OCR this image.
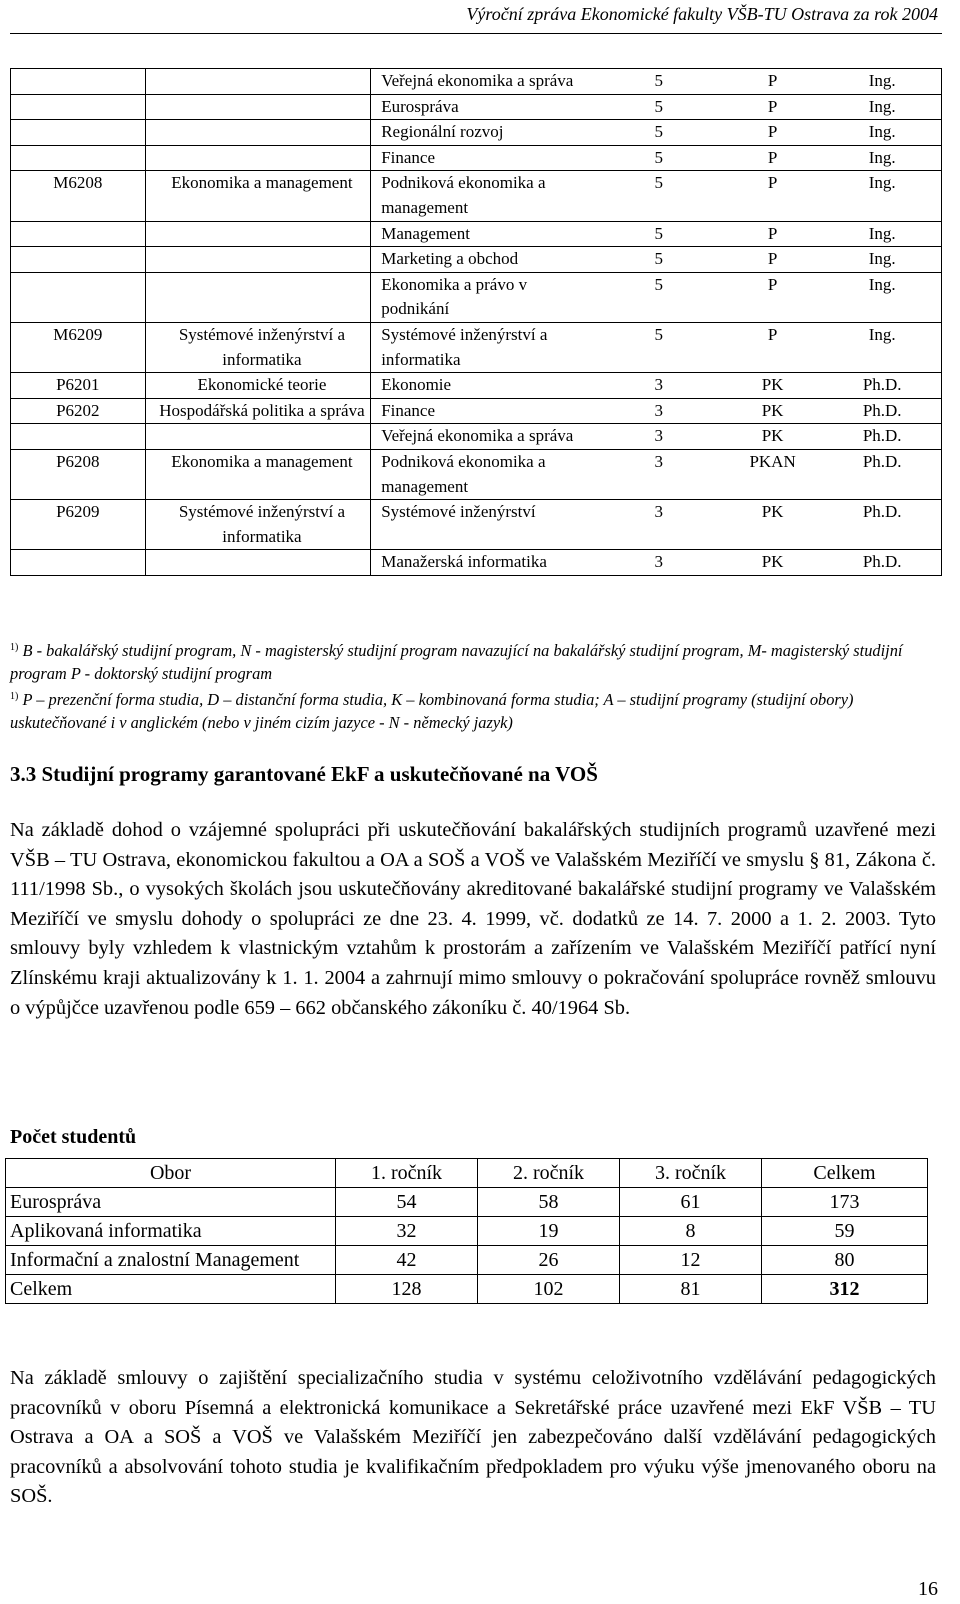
Výroční zpráva Ekonomické fakulty VŠB-TU Ostrava za rok 2004
		Veřejná ekonomika a správa	5	P	Ing.
		Eurospráva	5	P	Ing.
		Regionální rozvoj	5	P	Ing.
		Finance	5	P	Ing.
M6208	Ekonomika a management	Podniková ekonomika a management	5	P	Ing.
		Management	5	P	Ing.
		Marketing a obchod	5	P	Ing.
		Ekonomika a právo v podnikání	5	P	Ing.
M6209	Systémové inženýrství a informatika	Systémové inženýrství a informatika	5	P	Ing.
P6201	Ekonomické teorie	Ekonomie	3	PK	Ph.D.
P6202	Hospodářská politika a správa	Finance	3	PK	Ph.D.
		Veřejná ekonomika a správa	3	PK	Ph.D.
P6208	Ekonomika a management	Podniková ekonomika a management	3	PKAN	Ph.D.
P6209	Systémové inženýrství a informatika	Systémové inženýrství	3	PK	Ph.D.
		Manažerská informatika	3	PK	Ph.D.
$^{1)}$ B - bakalářský studijní program, N - magisterský studijní program navazující na bakalářský studijní program, M- magisterský studijní program P - doktorský studijní program
$^{1)}$ P – prezenční forma studia, D – distanční forma studia, K – kombinovaná forma studia; A – studijní programy (studijní obory) uskutečňované i v anglickém (nebo v jiném cizím jazyce - N - německý jazyk)
3.3 Studijní programy garantované EkF a uskutečňované na VOŠ
Na základě dohod o vzájemné spolupráci při uskutečňování bakalářských studijních programů uzavřené mezi VŠB – TU Ostrava, ekonomickou fakultou a OA a SOŠ a VOŠ ve Valašském Meziříčí ve smyslu § 81, Zákona č. 111/1998 Sb., o vysokých školách jsou uskutečňovány akreditované bakalářské studijní programy ve Valašském Meziříčí ve smyslu dohody o spolupráci ze dne 23. 4. 1999, vč. dodatků ze 14. 7. 2000 a 1. 2. 2003. Tyto smlouvy byly vzhledem k vlastnickým vztahům k prostorám a zařízením ve Valašském Meziříčí patřící nyní Zlínskému kraji aktualizovány k 1. 1. 2004 a zahrnují mimo smlouvy o pokračování spolupráce rovněž smlouvu o výpůjčce uzavřenou podle 659 – 662 občanského zákoníku č. 40/1964 Sb.
Počet studentů
Obor	1. ročník	2. ročník	3. ročník	Celkem
Eurospráva	54	58	61	173
Aplikovaná informatika	32	19	8	59
Informační a znalostní Management	42	26	12	80
Celkem	128	102	81	312
Na základě smlouvy o zajištění specializačního studia v systému celoživotního vzdělávání pedagogických pracovníků v oboru Písemná a elektronická komunikace a Sekretářské práce uzavřené mezi EkF VŠB – TU Ostrava a OA a SOŠ a VOŠ ve Valašském Meziříčí jen zabezpečováno další vzdělávání pedagogických pracovníků a absolvování tohoto studia je kvalifikačním předpokladem pro výuku výše jmenovaného oboru na SOŠ.
16
